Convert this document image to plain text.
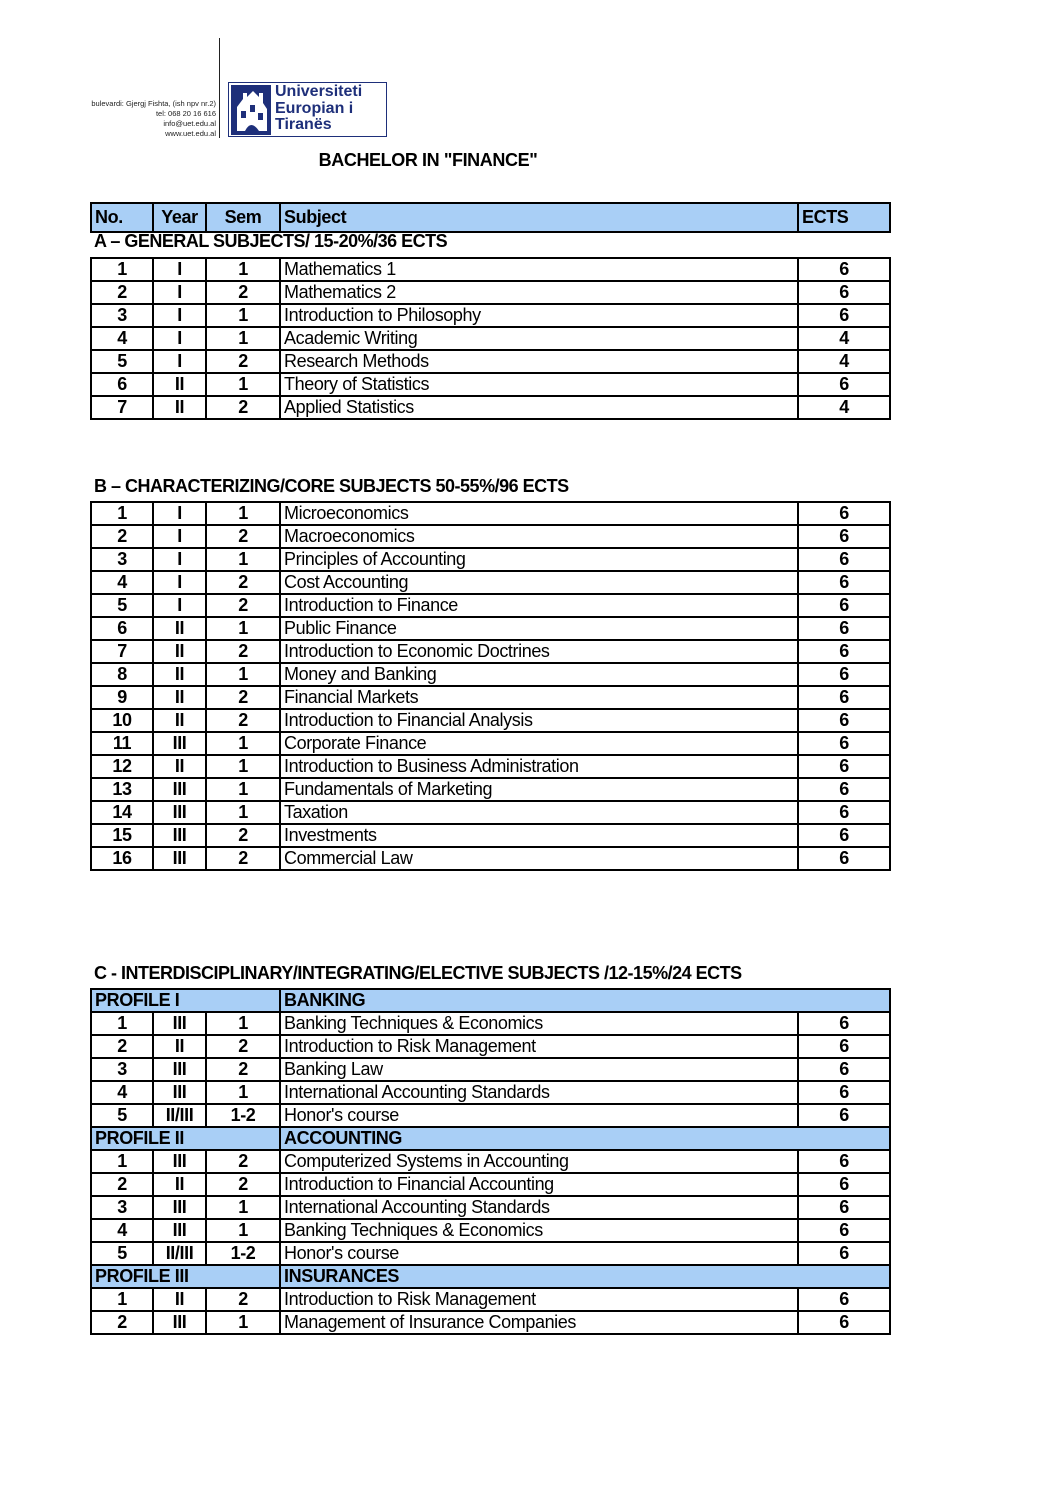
bulevardi: Gjergj Fishta, (ish npv nr.2)
tel: 068 20 16 616
info@uet.edu.al
www.uet.edu.al
Universiteti
Europian i
Tiranës
BACHELOR IN "FINANCE"
No.	Year	Sem	Subject	ECTS
A – GENERAL SUBJECTS/ 15-20%/36 ECTS
1	I	1	Mathematics 1	6
2	I	2	Mathematics 2	6
3	I	1	Introduction to Philosophy	6
4	I	1	Academic Writing	4
5	I	2	Research Methods	4
6	II	1	Theory of Statistics	6
7	II	2	Applied Statistics	4
B – CHARACTERIZING/CORE SUBJECTS 50-55%/96 ECTS
1	I	1	Microeconomics	6
2	I	2	Macroeconomics	6
3	I	1	Principles of Accounting	6
4	I	2	Cost Accounting	6
5	I	2	Introduction to Finance	6
6	II	1	Public Finance	6
7	II	2	Introduction to Economic Doctrines	6
8	II	1	Money and Banking	6
9	II	2	Financial Markets	6
10	II	2	Introduction to Financial Analysis	6
11	III	1	Corporate Finance	6
12	II	1	Introduction to Business Administration	6
13	III	1	Fundamentals of Marketing	6
14	III	1	Taxation	6
15	III	2	Investments	6
16	III	2	Commercial Law	6
C - INTERDISCIPLINARY/INTEGRATING/ELECTIVE SUBJECTS /12-15%/24 ECTS
PROFILE I			BANKING	
1	III	1	Banking Techniques & Economics	6
2	II	2	Introduction to Risk Management	6
3	III	2	Banking Law	6
4	III	1	International Accounting Standards	6
5	II/III	1-2	Honor's course	6
PROFILE II			ACCOUNTING	
1	III	2	Computerized Systems in Accounting	6
2	II	2	Introduction to Financial Accounting	6
3	III	1	International Accounting Standards	6
4	III	1	Banking Techniques & Economics	6
5	II/III	1-2	Honor's course	6
PROFILE III			INSURANCES	
1	II	2	Introduction to Risk Management	6
2	III	1	Management of Insurance Companies	6
